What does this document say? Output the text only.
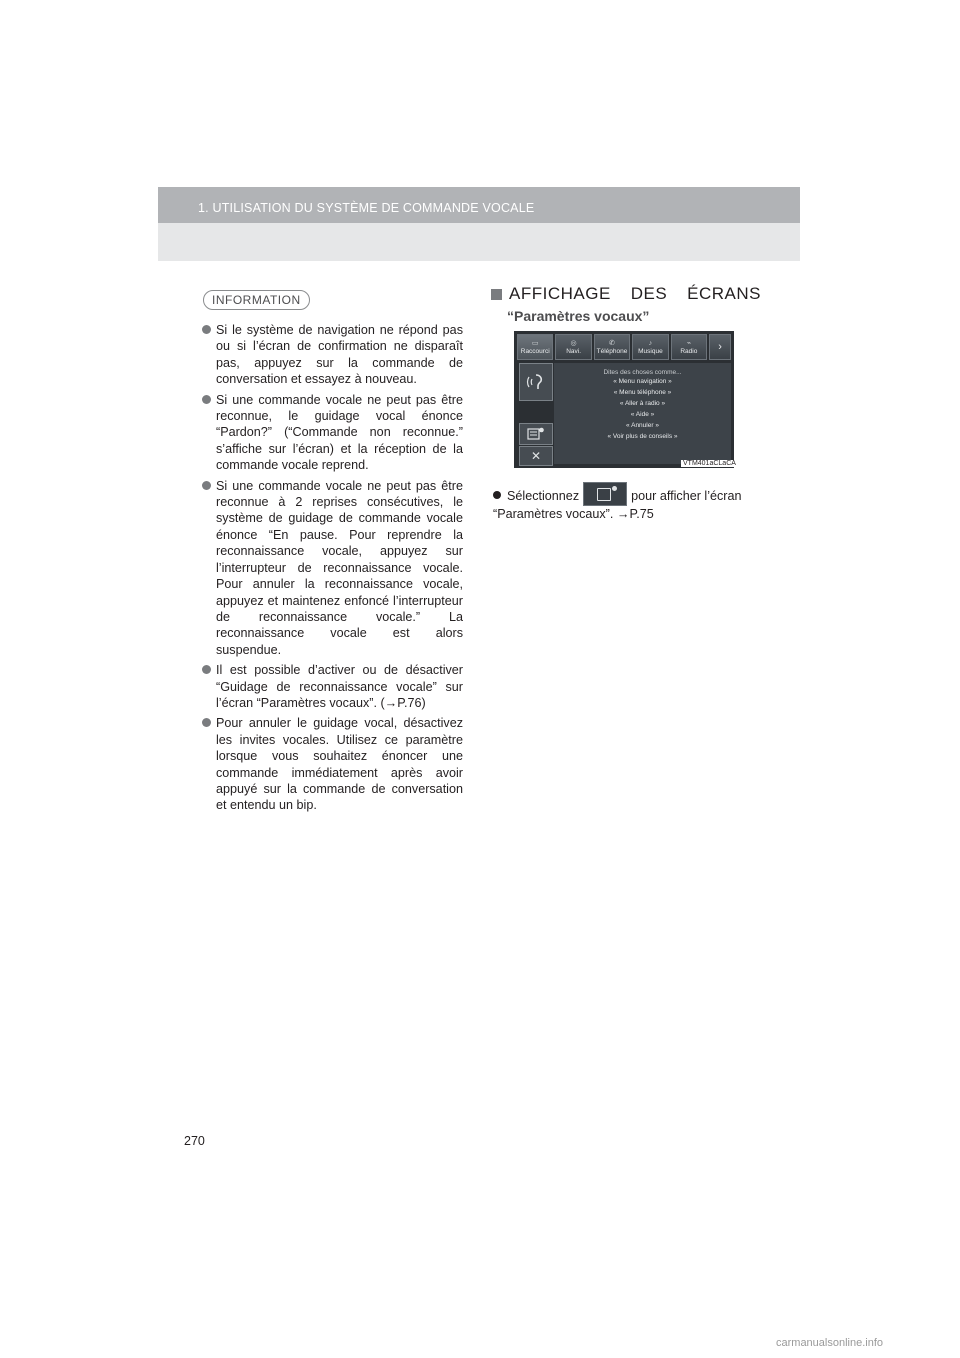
1. UTILISATION DU SYSTÈME DE COMMANDE VOCALE
INFORMATION
Si le système de navigation ne répond pas ou si l’écran de confirmation ne disparaît pas, appuyez sur la commande de conversation et essayez à nouveau.
Si une commande vocale ne peut pas être reconnue, le guidage vocal énonce “Pardon?” (“Commande non reconnue.” s’affiche sur l’écran) et la réception de la commande vocale reprend.
Si une commande vocale ne peut pas être reconnue à 2 reprises consécutives, le système de guidage de commande vocale énonce “En pause. Pour reprendre la reconnaissance vocale, appuyez sur l’interrupteur de reconnaissance vocale. Pour annuler la reconnaissance vocale, appuyez et maintenez enfoncé l’interrupteur de reconnaissance vocale.” La reconnaissance vocale est alors suspendue.
Il est possible d’activer ou de désactiver “Guidage de reconnaissance vocale” sur l’écran “Paramètres vocaux”. (→P.76)
Pour annuler le guidage vocal, désactivez les invites vocales. Utilisez ce paramètre lorsque vous souhaitez énoncer une commande immédiatement après avoir appuyé sur la commande de conversation et entendu un bip.
AFFICHAGE DES ÉCRANS
“Paramètres vocaux”
▭
Raccourci
◎
Navi.
✆
Téléphone
♪
Musique
⌁
Radio ›
✕
Dites des choses comme...
« Menu navigation »
« Menu téléphone »
« Aller à radio »
« Aide »
« Annuler »
« Voir plus de conseils »
VTM401aCLaCA
Sélectionnez	pour afficher l’écran “Paramètres vocaux”. →P.75
270
carmanualsonline.info
